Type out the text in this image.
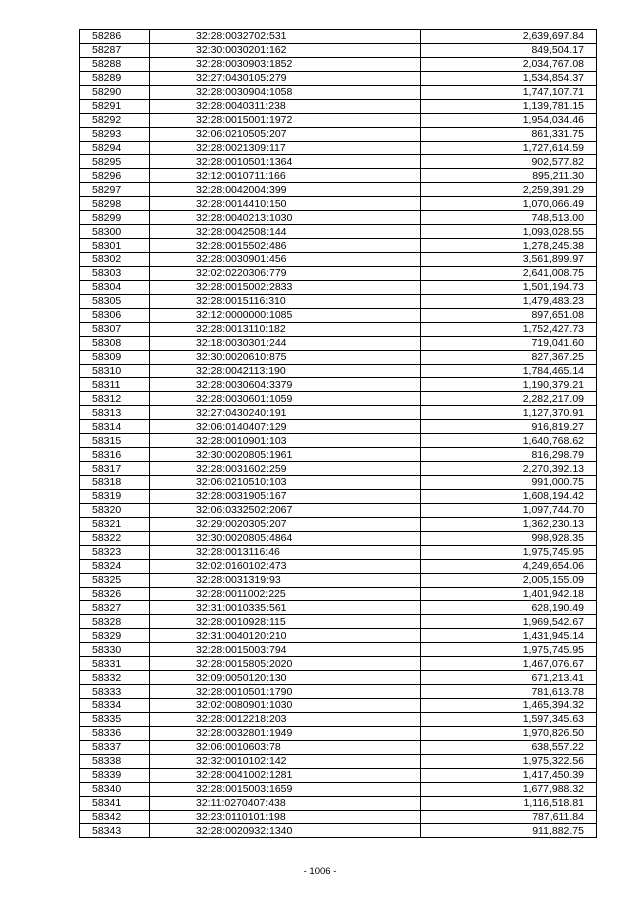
58286	32:28:0032702:531	2,639,697.84
58287	32:30:0030201:162	849,504.17
58288	32:28:0030903:1852	2,034,767.08
58289	32:27:0430105:279	1,534,854.37
58290	32:28:0030904:1058	1,747,107.71
58291	32:28:0040311:238	1,139,781.15
58292	32:28:0015001:1972	1,954,034.46
58293	32:06:0210505:207	861,331.75
58294	32:28:0021309:117	1,727,614.59
58295	32:28:0010501:1364	902,577.82
58296	32:12:0010711:166	895,211.30
58297	32:28:0042004:399	2,259,391.29
58298	32:28:0014410:150	1,070,066.49
58299	32:28:0040213:1030	748,513.00
58300	32:28:0042508:144	1,093,028.55
58301	32:28:0015502:486	1,278,245.38
58302	32:28:0030901:456	3,561,899.97
58303	32:02:0220306:779	2,641,008.75
58304	32:28:0015002:2833	1,501,194.73
58305	32:28:0015116:310	1,479,483.23
58306	32:12:0000000:1085	897,651.08
58307	32:28:0013110:182	1,752,427.73
58308	32:18:0030301:244	719,041.60
58309	32:30:0020610:875	827,367.25
58310	32:28:0042113:190	1,784,465.14
58311	32:28:0030604:3379	1,190,379.21
58312	32:28:0030601:1059	2,282,217.09
58313	32:27:0430240:191	1,127,370.91
58314	32:06:0140407:129	916,819.27
58315	32:28:0010901:103	1,640,768.62
58316	32:30:0020805:1961	816,298.79
58317	32:28:0031602:259	2,270,392.13
58318	32:06:0210510:103	991,000.75
58319	32:28:0031905:167	1,608,194.42
58320	32:06:0332502:2067	1,097,744.70
58321	32:29:0020305:207	1,362,230.13
58322	32:30:0020805:4864	998,928.35
58323	32:28:0013116:46	1,975,745.95
58324	32:02:0160102:473	4,249,654.06
58325	32:28:0031319:93	2,005,155.09
58326	32:28:0011002:225	1,401,942.18
58327	32:31:0010335:561	628,190.49
58328	32:28:0010928:115	1,969,542.67
58329	32:31:0040120:210	1,431,945.14
58330	32:28:0015003:794	1,975,745.95
58331	32:28:0015805:2020	1,467,076.67
58332	32:09:0050120:130	671,213.41
58333	32:28:0010501:1790	781,613.78
58334	32:02:0080901:1030	1,465,394.32
58335	32:28:0012218:203	1,597,345.63
58336	32:28:0032801:1949	1,970,826.50
58337	32:06:0010603:78	638,557.22
58338	32:32:0010102:142	1,975,322.56
58339	32:28:0041002:1281	1,417,450.39
58340	32:28:0015003:1659	1,677,988.32
58341	32:11:0270407:438	1,116,518.81
58342	32:23:0110101:198	787,611.84
58343	32:28:0020932:1340	911,882.75
- 1006 -
